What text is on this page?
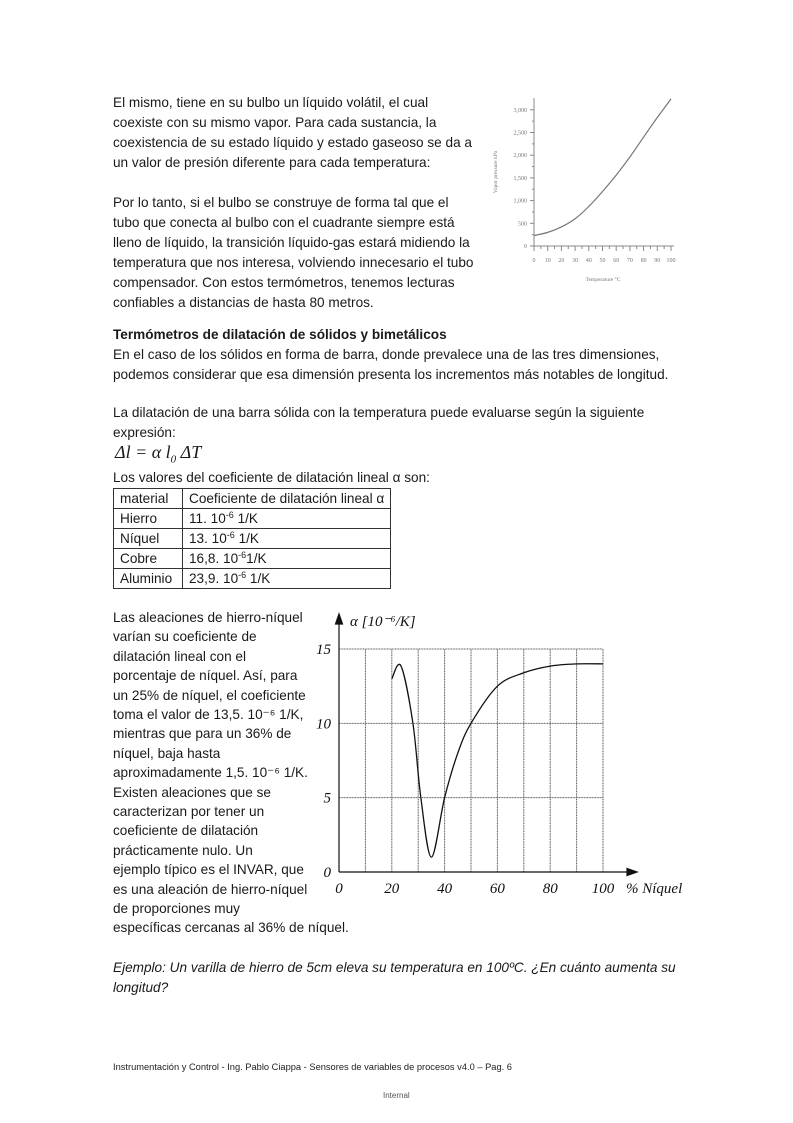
El mismo, tiene en su bulbo un líquido volátil, el cual

coexiste con su mismo vapor. Para cada sustancia, la

coexistencia de su estado líquido y estado gaseoso se da a

un valor de presión diferente para cada temperatura:

Por lo tanto, si el bulbo se construye de forma tal que el

tubo que conecta al bulbo con el cuadrante siempre está

lleno de líquido, la transición líquido-gas estará midiendo la

temperatura que nos interesa, volviendo innecesario el tubo

compensador. Con estos termómetros, tenemos lecturas

confiables a distancias de hasta 80 metros.

0
500
1,000
1,500
2,000
2,500
3,000
0 10 20 30 40 50 60 70 80 90 100
Vapor pressure kPa
Temperature °C

Termómetros de dilatación de sólidos y bimetálicos

En el caso de los sólidos en forma de barra, donde prevalece una de las tres dimensiones,

podemos considerar que esa dimensión presenta los incrementos más notables de longitud.

La dilatación de una barra sólida con la temperatura puede evaluarse según la siguiente

expresión:

Δl = α $l_0$ ΔT

Los valores del coeficiente de dilatación lineal α son:

material	Coeficiente de dilatación lineal α
Hierro	11. $10^{-6}$ 1/K
Níquel	13. $10^{-6}$ 1/K
Cobre	16,8. $10^{-6}1/K$
Aluminio	23,9. $10^{-6}$ 1/K

Las aleaciones de hierro-níquel

varían su coeficiente de

dilatación lineal con el

porcentaje de níquel. Así, para

un 25% de níquel, el coeficiente

toma el valor de 13,5. 10⁻⁶ 1/K,

mientras que para un 36% de

níquel, baja hasta

aproximadamente 1,5. 10⁻⁶ 1/K.

Existen aleaciones que se

caracterizan por tener un

coeficiente de dilatación

prácticamente nulo. Un

ejemplo típico es el INVAR, que

es una aleación de hierro-níquel

de proporciones muy

específicas cercanas al 36% de níquel.

0
5
10
15
0	20	40	60	80 100
α [10⁻⁶/K]
% Níquel

Ejemplo: Un varilla de hierro de 5cm eleva su temperatura en 100ºC. ¿En cuánto aumenta su

longitud?

Instrumentación y Control - Ing. Pablo Ciappa - Sensores de variables de procesos v4.0 – Pag. 6
Internal
